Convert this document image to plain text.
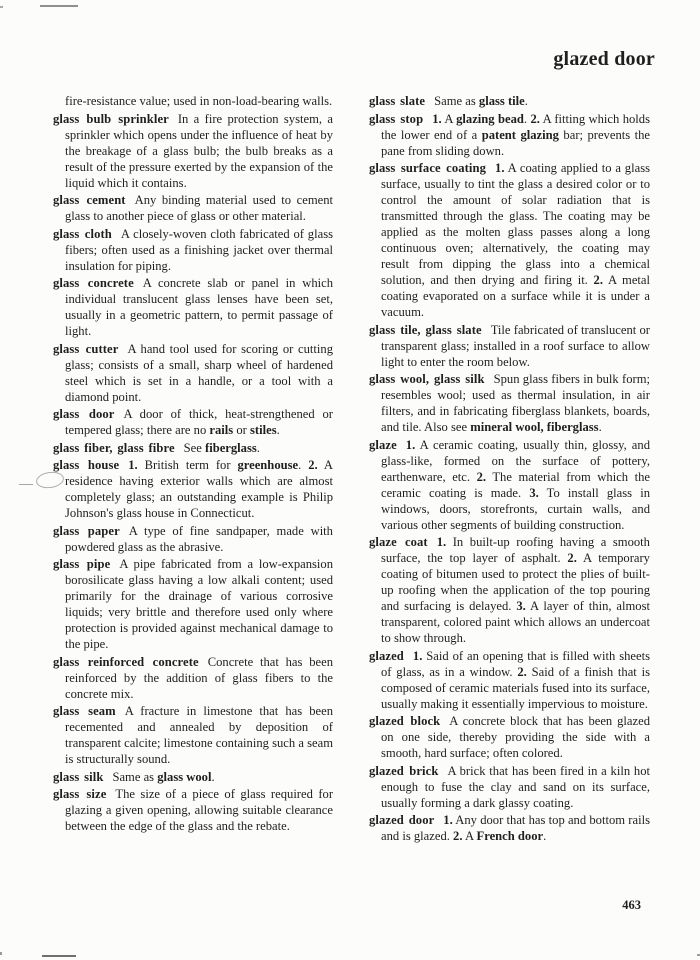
glazed door

fire-resistance value; used in non-load-bearing walls.

glass bulb sprinkler In a fire protection system, a sprinkler which opens under the influence of heat by the breakage of a glass bulb; the bulb breaks as a result of the pressure exerted by the expansion of the liquid which it contains.

glass cement Any binding material used to cement glass to another piece of glass or other material.

glass cloth A closely-woven cloth fabricated of glass fibers; often used as a finishing jacket over thermal insulation for piping.

glass concrete A concrete slab or panel in which individual translucent glass lenses have been set, usually in a geometric pattern, to permit passage of light.

glass cutter A hand tool used for scoring or cutting glass; consists of a small, sharp wheel of hardened steel which is set in a handle, or a tool with a diamond point.

glass door A door of thick, heat-strengthened or tempered glass; there are no rails or stiles.

glass fiber, glass fibre See fiberglass.

glass house 1. British term for greenhouse. 2. A residence having exterior walls which are almost completely glass; an outstanding example is Philip Johnson's glass house in Connecticut.

glass paper A type of fine sandpaper, made with powdered glass as the abrasive.

glass pipe A pipe fabricated from a low-expansion borosilicate glass having a low alkali content; used primarily for the drainage of various corrosive liquids; very brittle and therefore used only where protection is provided against mechanical damage to the pipe.

glass reinforced concrete Concrete that has been reinforced by the addition of glass fibers to the concrete mix.

glass seam A fracture in limestone that has been recemented and annealed by deposition of transparent calcite; limestone containing such a seam is structurally sound.

glass silk Same as glass wool.

glass size The size of a piece of glass required for glazing a given opening, allowing suitable clearance between the edge of the glass and the rebate.

glass slate Same as glass tile.

glass stop 1. A glazing bead. 2. A fitting which holds the lower end of a patent glazing bar; prevents the pane from sliding down.

glass surface coating 1. A coating applied to a glass surface, usually to tint the glass a desired color or to control the amount of solar radiation that is transmitted through the glass. The coating may be applied as the molten glass passes along a long continuous oven; alternatively, the coating may result from dipping the glass into a chemical solution, and then drying and firing it. 2. A metal coating evaporated on a surface while it is under a vacuum.

glass tile, glass slate Tile fabricated of translucent or transparent glass; installed in a roof surface to allow light to enter the room below.

glass wool, glass silk Spun glass fibers in bulk form; resembles wool; used as thermal insulation, in air filters, and in fabricating fiberglass blankets, boards, and tile. Also see mineral wool, fiberglass.

glaze 1. A ceramic coating, usually thin, glossy, and glass-like, formed on the surface of pottery, earthenware, etc. 2. The material from which the ceramic coating is made. 3. To install glass in windows, doors, storefronts, curtain walls, and various other segments of building construction.

glaze coat 1. In built-up roofing having a smooth surface, the top layer of asphalt. 2. A temporary coating of bitumen used to protect the plies of built-up roofing when the application of the top pouring and surfacing is delayed. 3. A layer of thin, almost transparent, colored paint which allows an undercoat to show through.

glazed 1. Said of an opening that is filled with sheets of glass, as in a window. 2. Said of a finish that is composed of ceramic materials fused into its surface, usually making it essentially impervious to moisture.

glazed block A concrete block that has been glazed on one side, thereby providing the side with a smooth, hard surface; often colored.

glazed brick A brick that has been fired in a kiln hot enough to fuse the clay and sand on its surface, usually forming a dark glassy coating.

glazed door 1. Any door that has top and bottom rails and is glazed. 2. A French door.

463
